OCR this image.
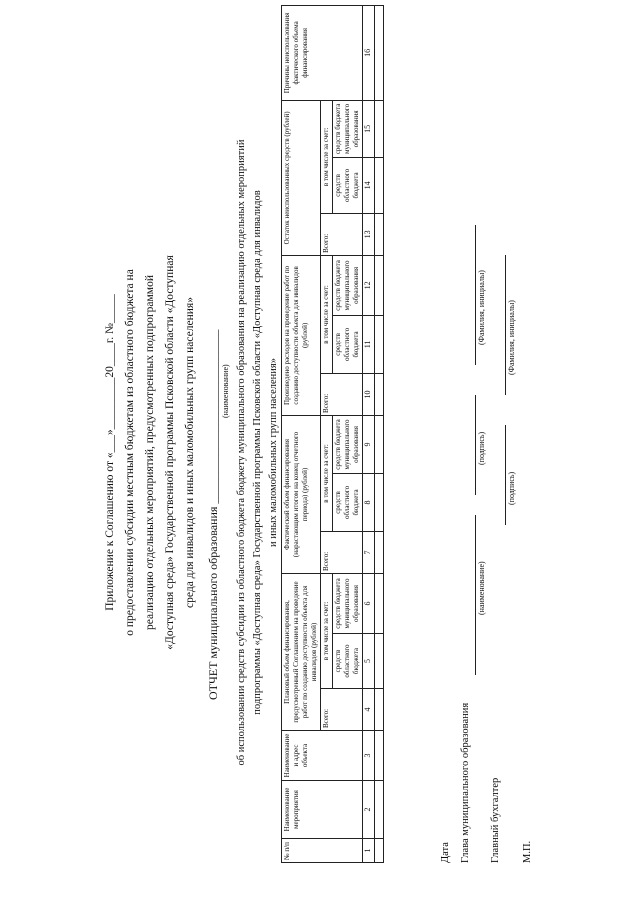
Приложение к Соглашению от «___»_________20____г. №_____ о предоставлении субсидии местным бюджетам из областного бюджета на реализацию отдельных мероприятий, предусмотренных подпрограммой «Доступная среда» Государственной программы Псковской области «Доступная среда для инвалидов и иных маломобильных групп населения» ОТЧЕТ муниципального образования _____________________________ (наименование) об использовании средств субсидии из областного бюджета бюджету муниципального образования на реализацию отдельных мероприятий подпрограммы «Доступная среда» Государственной программы Псковской области «Доступная среда для инвалидов и иных маломобильных групп населения»
№ п/п	Наименование мероприятия	Наименование и адрес объекта	Плановый объем финансирования, предусмотренный Соглашением на проведение работ по созданию доступности объекта для инвалидов (рублей)			Фактический объем финансирования (нарастающим итогом на конец отчетного периода) (рублей)			Произведено расходов на проведение работ по созданию доступности объекта для инвалидов (рублей)			Остаток неиспользованных средств (рублей)			Причины неиспользования фактического объема финансирования
			Всего:	в том числе за счет:		Всего:	в том числе за счет:		Всего:	в том числе за счет:		Всего:	в том числе за счет:		
				средств областного бюджета	средств бюджета муниципального образования		средств областного бюджета	средств бюджета муниципального образования		средств областного бюджета	средств бюджета муниципального образования		средств областного бюджета	средств бюджета муниципального образования	
1	2	3	4	5	6	7	8	9	10	11	12	13	14	15	16

Дата Глава муниципального образования
(наименование)
(подпись)
(Фамилия, инициалы)
Главный бухгалтер
(подпись)
(Фамилия, инициалы)
М.П.
